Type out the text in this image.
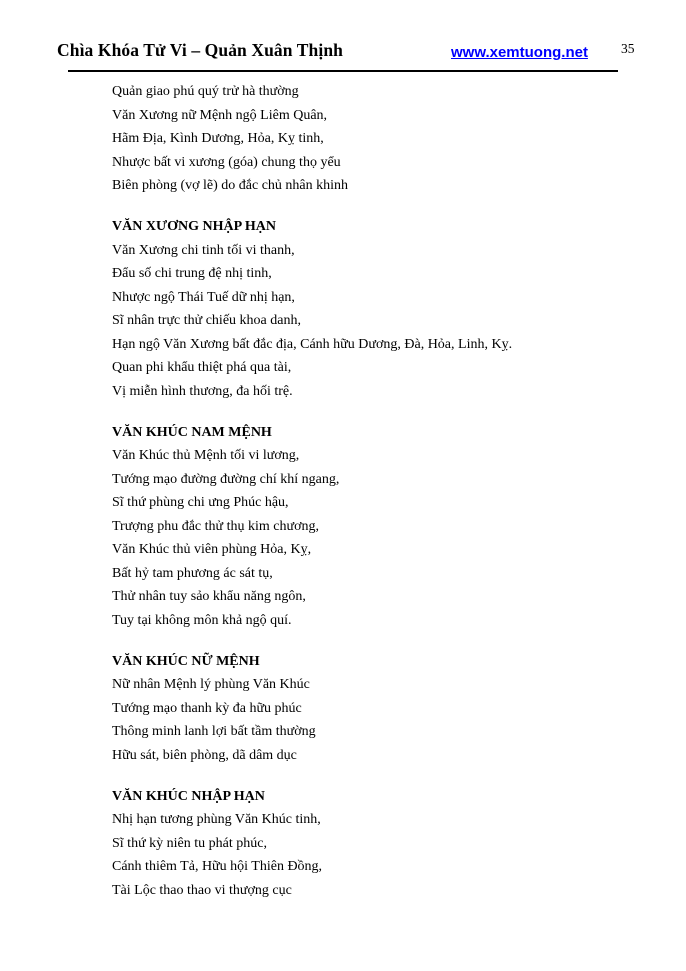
Chìa Khóa Tử Vi – Quản Xuân Thịnh	www.xemtuong.net 35

Quản giao phú quý trử hà thường

Văn Xương nữ Mệnh ngộ Liêm Quân,

Hãm Địa, Kình Dương, Hỏa, Kỵ tinh,

Nhược bất vi xương (góa) chung thọ yểu

Biên phòng (vợ lẽ) do đắc chủ nhân khinh

VĂN XƯƠNG NHẬP HẠN

Văn Xương chi tinh tối vi thanh,

Đẩu số chi trung đệ nhị tinh,

Nhược ngộ Thái Tuế dữ nhị hạn,

Sĩ nhân trực thử chiếu khoa danh,

Hạn ngộ Văn Xương bất đắc địa, Cánh hữu Dương, Đà, Hỏa, Linh, Kỵ.

Quan phi khẩu thiệt phá qua tài,

Vị miễn hình thương, đa hối trệ.

VĂN KHÚC NAM MỆNH

Văn Khúc thủ Mệnh tối vi lương,

Tướng mạo đường đường chí khí ngang,

Sĩ thứ phùng chi ưng Phúc hậu,

Trượng phu đắc thử thụ kim chương,

Văn Khúc thủ viên phùng Hỏa, Kỵ,

Bất hỷ tam phương ác sát tụ,

Thử nhân tuy sảo khẩu năng ngôn,

Tuy tại không môn khả ngộ quí.

VĂN KHÚC NỮ MỆNH

Nữ nhân Mệnh lý phùng Văn Khúc

Tướng mạo thanh kỳ đa hữu phúc

Thông minh lanh lợi bất tầm thường

Hữu sát, biên phòng, dã dâm dục

VĂN KHÚC NHẬP HẠN

Nhị hạn tương phùng Văn Khúc tinh,

Sĩ thứ kỳ niên tu phát phúc,

Cánh thiêm Tả, Hữu hội Thiên Đồng,

Tài Lộc thao thao vi thượng cục
